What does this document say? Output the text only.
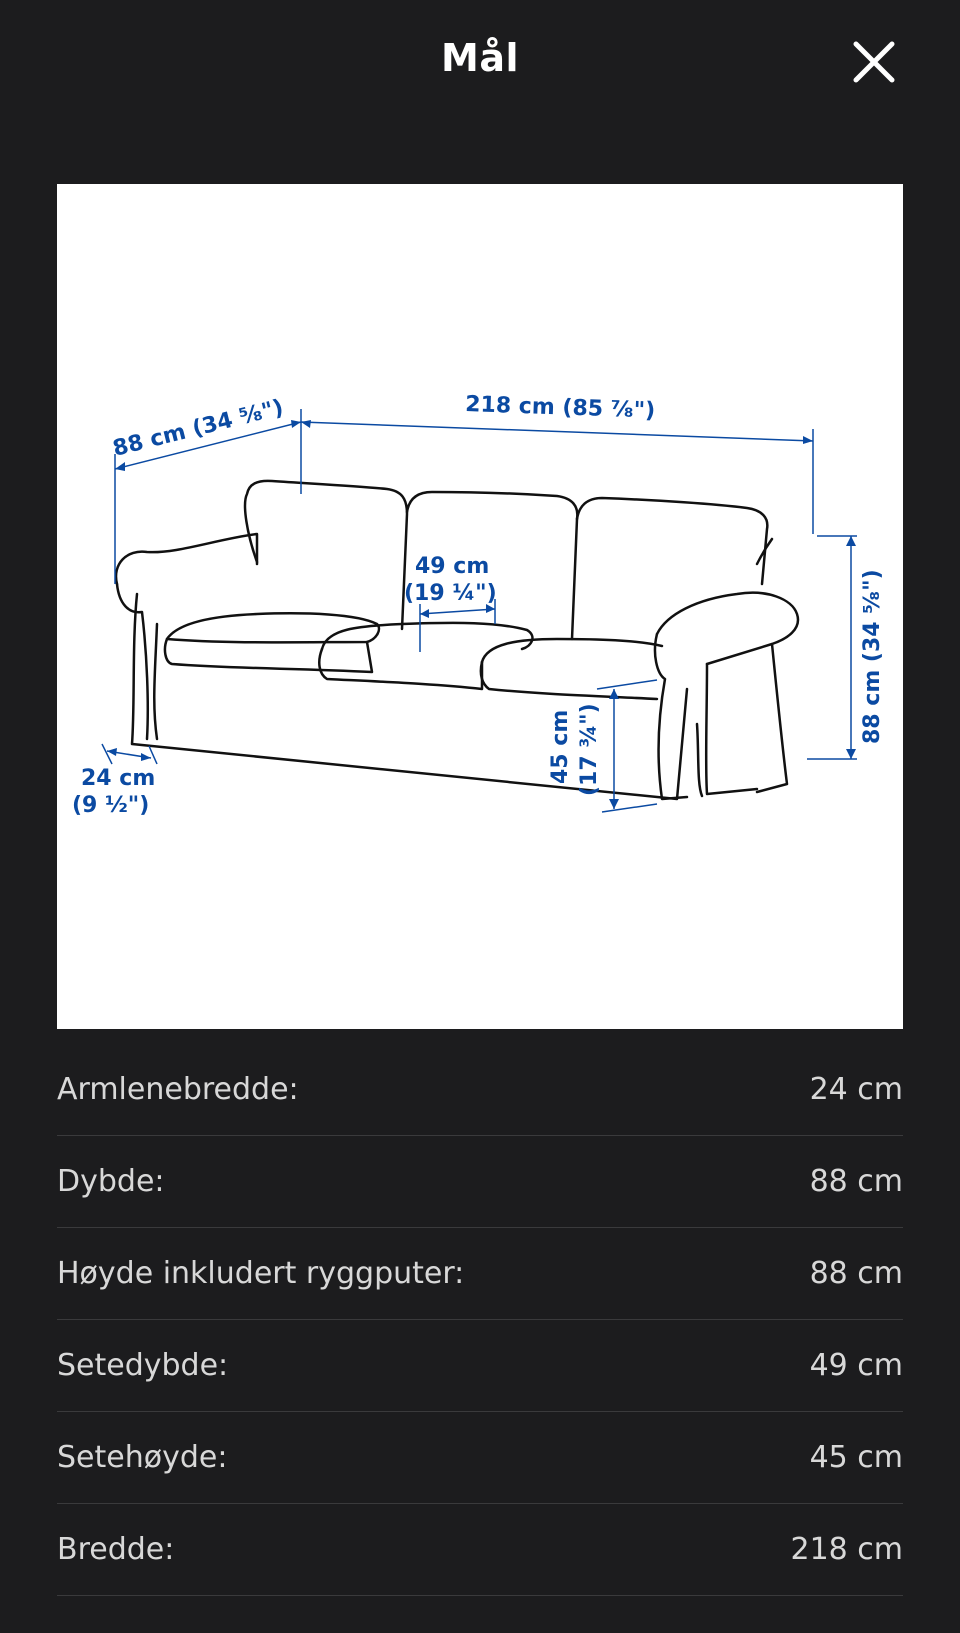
Mål
88 cm (34 ⁵⁄₈")	218 cm (85 ⁷⁄₈")
49 cm
(19 ¼")	88 cm (34 ⁵⁄₈")
45 cm (17 ¾")
24 cm
(9 ½")
Armlenebredde:	24 cm
Dybde:	88 cm
Høyde inkludert ryggputer:	88 cm
Setedybde:	49 cm
Setehøyde:	45 cm
Bredde:	218 cm
